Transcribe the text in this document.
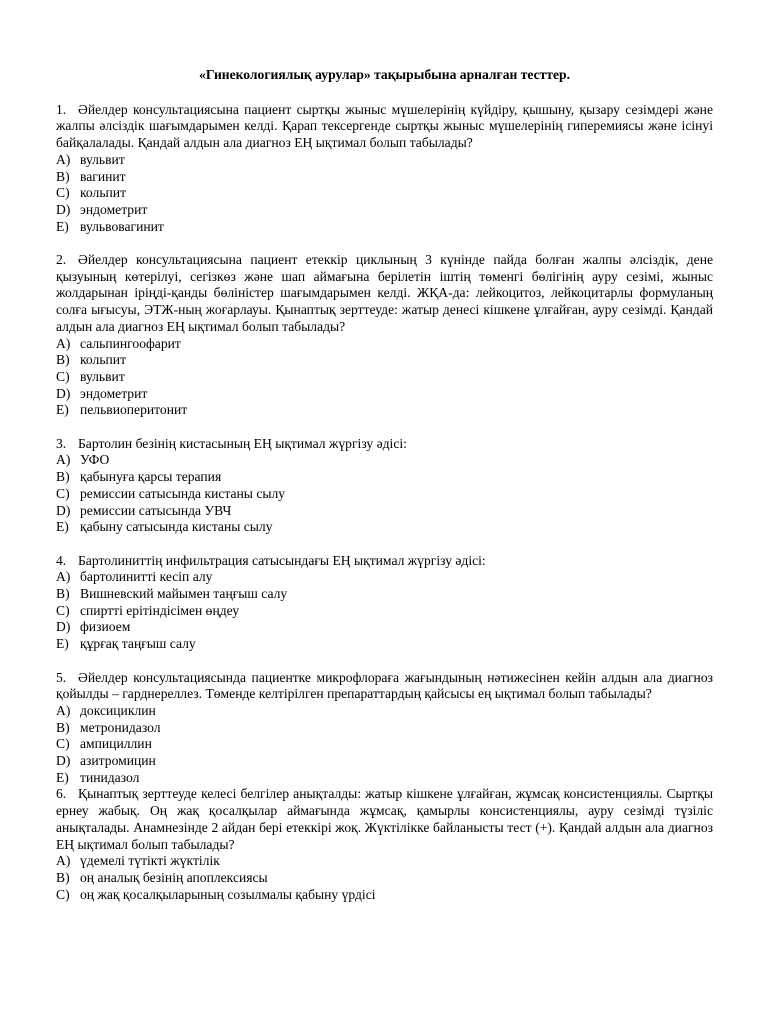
«Гинекологиялық аурулар» тақырыбына арналған тесттер.

1. Әйелдер консультациясына пациент сыртқы жыныс мүшелерінің күйдіру, қышыну, қызару сезімдері және жалпы әлсіздік шағымдарымен келді. Қарап тексергенде сыртқы жыныс мүшелерінің гиперемиясы және ісінуі байқалалады. Қандай алдын ала диагноз ЕҢ ықтимал болып табылады?

A) вульвит
B) вагинит
C) кольпит
D) эндометрит
E) вульвовагинит

2. Әйелдер консультациясына пациент етеккір циклының 3 күнінде пайда болған жалпы әлсіздік, дене қызуының көтерілуі, сегізкөз және шап аймағына берілетін іштің төменгі бөлігінің ауру сезімі, жыныс жолдарынан іріңді-қанды бөліністер шағымдарымен келді. ЖҚА-да: лейкоцитоз, лейкоцитарлы формуланың солға ығысуы, ЭТЖ-ның жоғарлауы. Қынаптық зерттеуде: жатыр денесі кішкене ұлғайған, ауру сезімді. Қандай алдын ала диагноз ЕҢ ықтимал болып табылады?

A) сальпингоофарит
B) кольпит
C) вульвит
D) эндометрит
E) пельвиоперитонит

3. Бартолин безінің кистасының ЕҢ ықтимал жүргізу әдісі:

A) УФО
B) қабынуға қарсы терапия
C) ремиссии сатысында кистаны сылу
D) ремиссии сатысында УВЧ
E) қабыну сатысында кистаны сылу

4. Бартолиниттің инфильтрация сатысындағы ЕҢ ықтимал жүргізу әдісі:

A) бартолинитті кесіп алу
B) Вишневский майымен таңғыш салу
C) спиртті ерітіндісімен өңдеу
D) физиоем
E) құрғақ таңғыш салу

5. Әйелдер консультациясында пациентке микрофлораға жағындының нәтижесінен кейін алдын ала диагноз қойылды – гарднереллез. Төменде келтірілген препараттардың қайсысы ең ықтимал болып табылады?

A) доксициклин
B) метронидазол
C) ампициллин
D) азитромицин
E) тинидазол

6. Қынаптық зерттеуде келесі белгілер анықталды: жатыр кішкене ұлғайған, жұмсақ консистенциялы. Сыртқы ернеу жабық. Оң жақ қосалқылар аймағында жұмсақ, қамырлы консистенциялы, ауру сезімді түзіліс анықталады. Анамнезінде 2 айдан бері етеккірі жоқ. Жүктілікке байланысты тест (+). Қандай алдын ала диагноз ЕҢ ықтимал болып табылады?

A) үдемелі түтікті жүктілік
B) оң аналық безінің апоплексиясы
C) оң жақ қосалқыларының созылмалы қабыну үрдісі
